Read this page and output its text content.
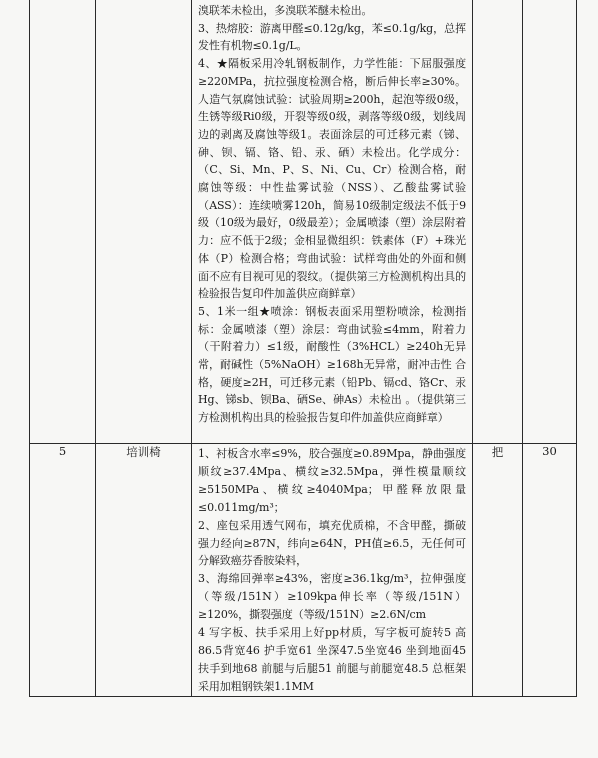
		溴联苯未检出，多溴联苯醚未检出。

3、热熔胶：游离甲醛≤0.12g/kg，苯≤0.1g/kg，总挥发性有机物≤0.1g/L。

4、★隔板采用冷轧钢板制作，力学性能：下屈服强度≥220MPa，抗拉强度检测合格，断后伸长率≥30%。人造气氛腐蚀试验：试验周期≥200h，起泡等级0级，生锈等级Ri0级，开裂等级0级，剥落等级0级，划线周边的剥离及腐蚀等级1。表面涂层的可迁移元素（锑、砷、钡、镉、铬、铅、汞、硒）未检出。化学成分：（C、Si、Mn、P、S、Ni、Cu、Cr）检测合格，耐腐蚀等级：中性盐雾试验（NSS）、乙酸盐雾试验（ASS）：连续喷雾120h，简易10级制定级法不低于9级（10级为最好，0级最差）；金属喷漆（塑）涂层附着力：应不低于2级；金相显微组织：铁素体（F）+珠光体（P）检测合格；弯曲试验：试样弯曲处的外面和侧面不应有目视可见的裂纹。（提供第三方检测机构出具的检验报告复印件加盖供应商鲜章）

5、1米一组★喷涂：钢板表面采用塑粉喷涂，检测指标：金属喷漆（塑）涂层：弯曲试验≤4mm，附着力（干附着力）≤1级，耐酸性（3%HCL）≥240h无异常，耐碱性（5%NaOH）≥168h无异常，耐冲击性 合格，硬度≥2H，可迁移元素（铅Pb、镉cd、铬Cr、汞Hg、锑sb、钡Ba、硒Se、砷As）未检出 。（提供第三方检测机构出具的检验报告复印件加盖供应商鲜章）		

5	培训椅	1、衬板含水率≤9%，胶合强度≥0.89Mpa，静曲强度顺纹≥37.4Mpa、横纹≥32.5Mpa，弹性模量顺纹≥5150MPa、横纹≥4040Mpa；甲醛释放限量≤0.011mg/m³；

2、座包采用透气网布，填充优质棉，不含甲醛，撕破强力经向≥87N，纬向≥64N，PH值≥6.5，无任何可分解致癌芬香胺染料，

3、海绵回弹率≥43%，密度≥36.1kg/m³，拉伸强度（等级/151N）≥109kpa伸长率（等级/151N）≥120%，撕裂强度（等级/151N）≥2.6N/cm

4 写字板、扶手采用上好pp材质，写字板可旋转5 高86.5背宽46 护手宽61 坐深47.5坐宽46 坐到地面45 扶手到地68 前腿与后腿51 前腿与前腿宽48.5 总框架采用加粗钢铁架1.1MM	把	30
